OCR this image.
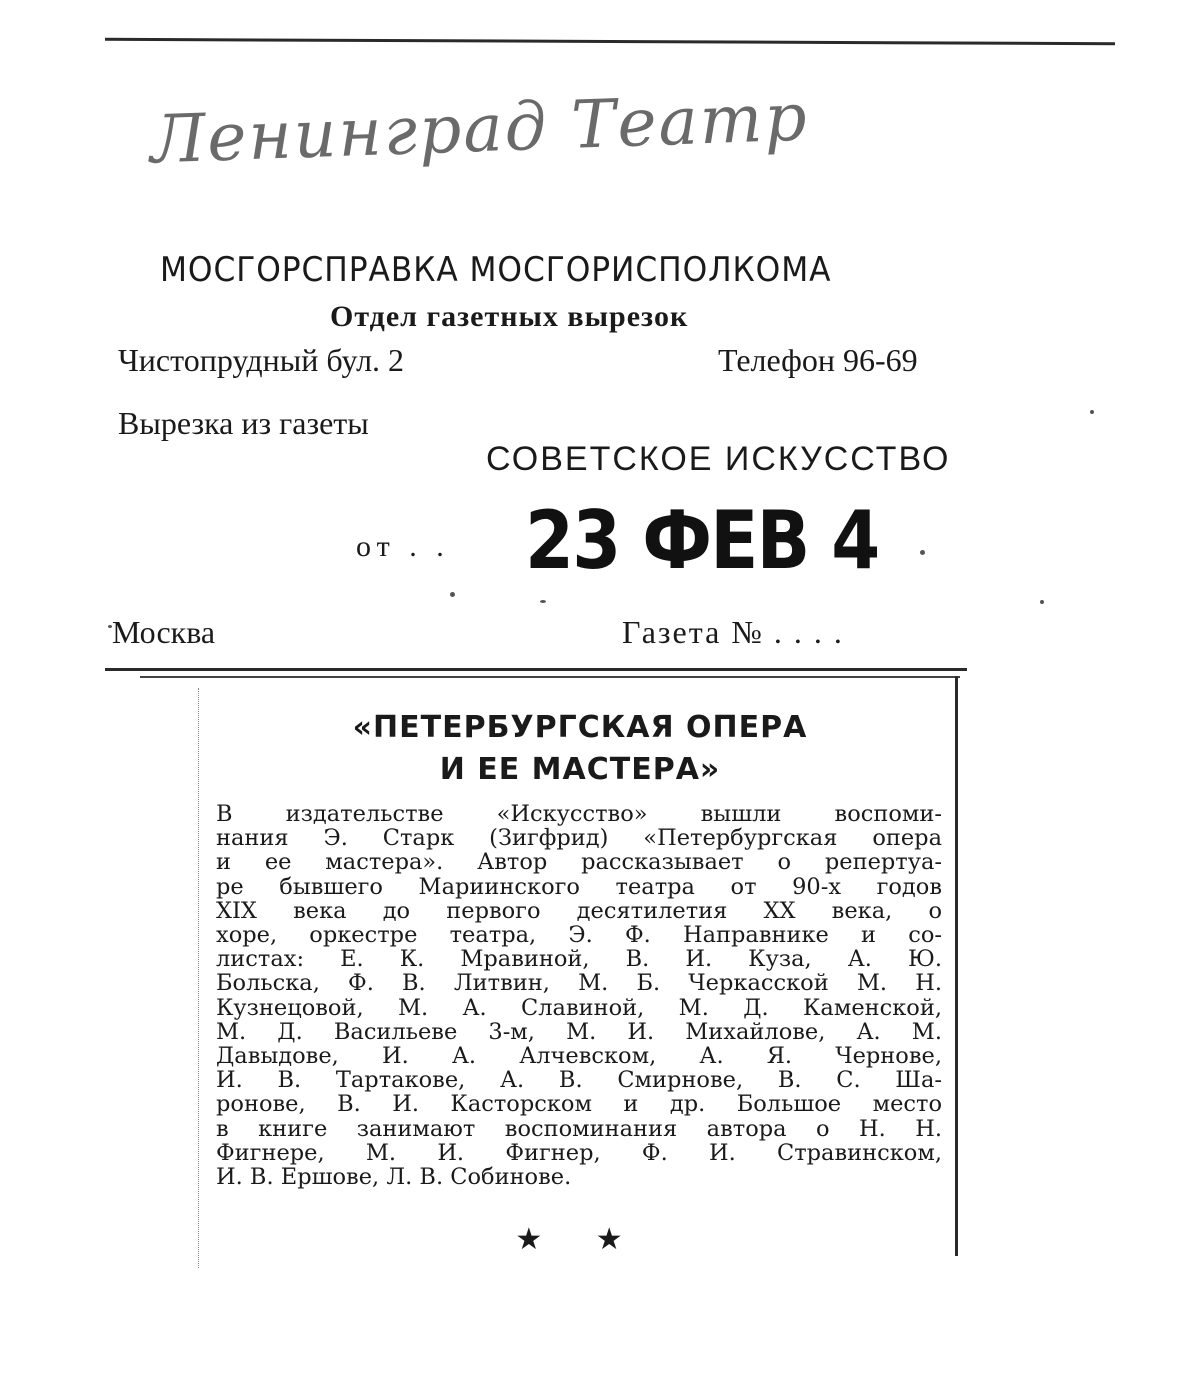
Ленинград Театр
МОСГОРСПРАВКА МОСГОРИСПОЛКОМА
Отдел газетных вырезок
Чистопрудный бул. 2	Телефон 96-69
Вырезка из газеты
СОВЕТСКОЕ ИСКУССТВО
от . . 23 ФЕВ 4
Москва	Газета № . . . .
«ПЕТЕРБУРГСКАЯ ОПЕРА
И ЕЕ МАСТЕРА»
В издательстве «Искусство» вышли воспоми-
нания Э. Старк (Зигфрид) «Петербургская опера
и ее мастера». Автор рассказывает о репертуа-
ре бывшего Мариинского театра от 90-х годов
XIX века до первого десятилетия XX века, о
хоре, оркестре театра, Э. Ф. Направнике и со-
листах: Е. К. Мравиной, В. И. Куза, А. Ю.
Больска, Ф. В. Литвин, М. Б. Черкасской М. Н.
Кузнецовой, М. А. Славиной, М. Д. Каменской,
М. Д. Васильеве 3-м, М. И. Михайлове, А. М.
Давыдове, И. А. Алчевском, А. Я. Чернове,
И. В. Тартакове, А. В. Смирнове, В. С. Ша-
ронове, В. И. Касторском и др. Большое место
в книге занимают воспоминания автора о Н. Н.
Фигнере, М. И. Фигнер, Ф. И. Стравинском,
И. В. Ершове, Л. В. Собинове.
★ ★
